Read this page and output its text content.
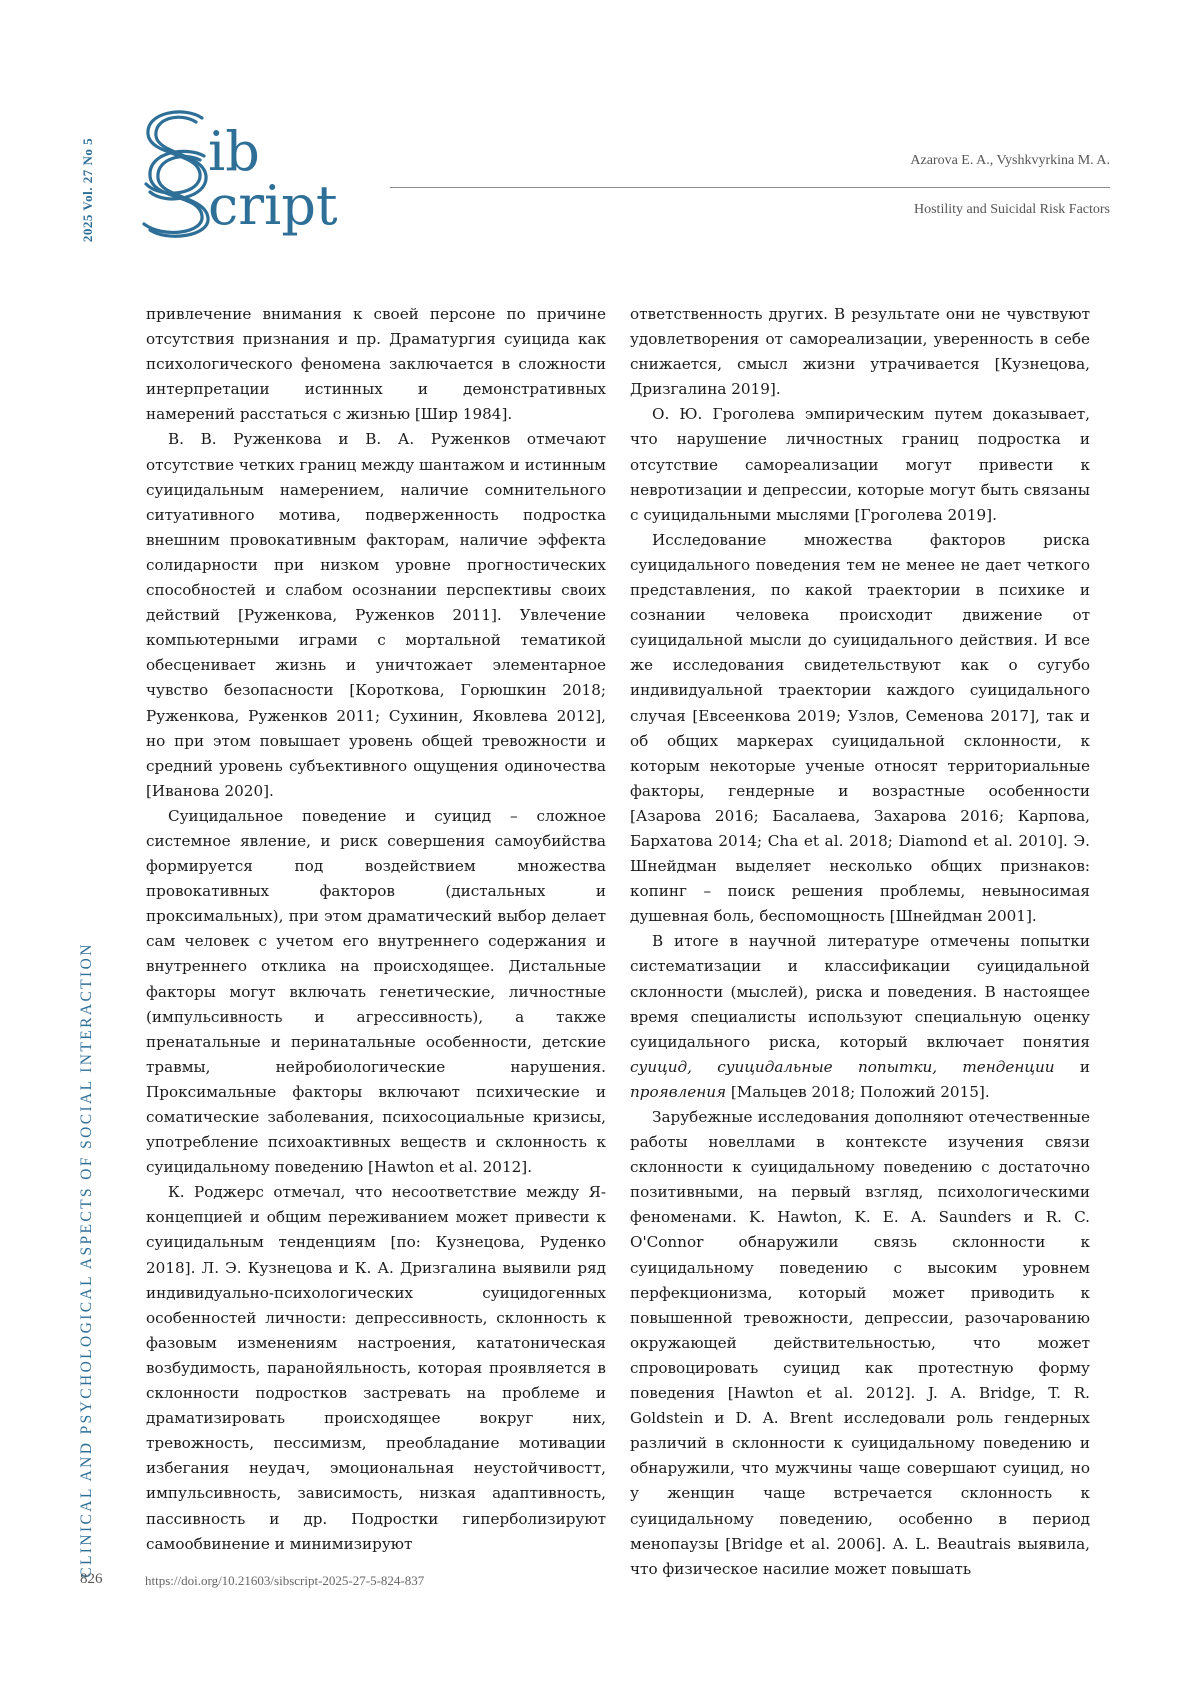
2025 Vol. 27 No 5 ib
cript
Azarova E. A., Vyshkvyrkina M. A.
Hostility and Suicidal Risk Factors
CLINICAL AND PSYCHOLOGICAL ASPECTS OF SOCIAL INTERACTION

привлечение внимания к своей персоне по причине отсутствия признания и пр. Драматургия суицида как психологического феномена заключается в сложности интерпретации истинных и демонстративных намерений расстаться с жизнью [Шир 1984].

В. В. Руженкова и В. А. Руженков отмечают отсутствие четких границ между шантажом и истинным суицидальным намерением, наличие сомнительного ситуативного мотива, подверженность подростка внешним провокативным факторам, наличие эффекта солидарности при низком уровне прогностических способностей и слабом осознании перспективы своих действий [Руженкова, Руженков 2011]. Увлечение компьютерными играми с мортальной тематикой обесценивает жизнь и уничтожает элементарное чувство безопасности [Короткова, Горюшкин 2018; Руженкова, Руженков 2011; Сухинин, Яковлева 2012], но при этом повышает уровень общей тревожности и средний уровень субъективного ощущения одиночества [Иванова 2020].

Суицидальное поведение и суицид – сложное системное явление, и риск совершения самоубийства формируется под воздействием множества провокативных факторов (дистальных и проксимальных), при этом драматический выбор делает сам человек с учетом его внутреннего содержания и внутреннего отклика на происходящее. Дистальные факторы могут включать генетические, личностные (импульсивность и агрессивность), а также пренатальные и перинатальные особенности, детские травмы, нейробиологические нарушения. Проксимальные факторы включают психические и соматические заболевания, психосоциальные кризисы, употребление психоактивных веществ и склонность к суицидальному поведению [Hawton et al. 2012].

К. Роджерс отмечал, что несоответствие между Я-концепцией и общим переживанием может привести к суицидальным тенденциям [по: Кузнецова, Руденко 2018]. Л. Э. Кузнецова и К. А. Дризгалина выявили ряд индивидуально-психологических суицидогенных особенностей личности: депрессивность, склонность к фазовым изменениям настроения, кататоническая возбудимость, паранойяльность, которая проявляется в склонности подростков застревать на проблеме и драматизировать происходящее вокруг них, тревожность, пессимизм, преобладание мотивации избегания неудач, эмоциональная неустойчивостт, импульсивность, зависимость, низкая адаптивность, пассивность и др. Подростки гиперболизируют самообвинение и минимизируют

ответственность других. В результате они не чувствуют удовлетворения от самореализации, уверенность в себе снижается, смысл жизни утрачивается [Кузнецова, Дризгалина 2019].

О. Ю. Гроголева эмпирическим путем доказывает, что нарушение личностных границ подростка и отсутствие самореализации могут привести к невротизации и депрессии, которые могут быть связаны с суицидальными мыслями [Гроголева 2019].

Исследование множества факторов риска суицидального поведения тем не менее не дает четкого представления, по какой траектории в психике и сознании человека происходит движение от суицидальной мысли до суицидального действия. И все же исследования свидетельствуют как о сугубо индивидуальной траектории каждого суицидального случая [Евсеенкова 2019; Узлов, Семенова 2017], так и об общих маркерах суицидальной склонности, к которым некоторые ученые относят территориальные факторы, гендерные и возрастные особенности [Азарова 2016; Басалаева, Захарова 2016; Карпова, Бархатова 2014; Cha et al. 2018; Diamond et al. 2010]. Э. Шнейдман выделяет несколько общих признаков: копинг – поиск решения проблемы, невыносимая душевная боль, беспомощность [Шнейдман 2001].

В итоге в научной литературе отмечены попытки систематизации и классификации суицидальной склонности (мыслей), риска и поведения. В настоящее время специалисты используют специальную оценку суицидального риска, который включает понятия суицид, суицидальные попытки, тенденции и проявления [Мальцев 2018; Положий 2015].

Зарубежные исследования дополняют отечественные работы новеллами в контексте изучения связи склонности к суицидальному поведению с достаточно позитивными, на первый взгляд, психологическими феноменами. K. Hawton, K. E. A. Saunders и R. C. O'Connor обнаружили связь склонности к суицидальному поведению с высоким уровнем перфекционизма, который может приводить к повышенной тревожности, депрессии, разочарованию окружающей действительностью, что может спровоцировать суицид как протестную форму поведения [Hawton et al. 2012]. J. A. Bridge, T. R. Goldstein и D. A. Brent исследовали роль гендерных различий в склонности к суицидальному поведению и обнаружили, что мужчины чаще совершают суицид, но у женщин чаще встречается склонность к суицидальному поведению, особенно в период менопаузы [Bridge et al. 2006]. A. L. Beautrais выявила, что физическое насилие может повышать

826	https://doi.org/10.21603/sibscript-2025-27-5-824-837
